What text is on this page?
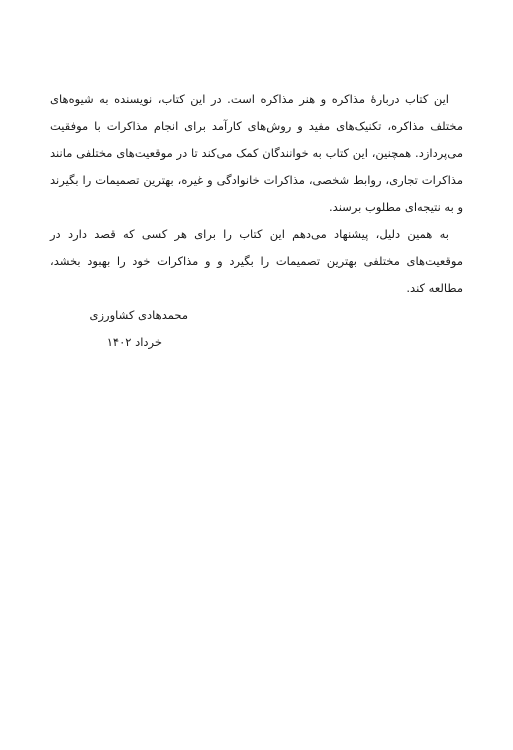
این کتاب دربارهٔ مذاکره و هنر مذاکره است. در این کتاب، نویسنده به شیوه‌های مختلف مذاکره، تکنیک‌های مفید و روش‌های کارآمد برای انجام مذاکرات با موفقیت می‌پردازد. همچنین، این کتاب به خوانندگان کمک می‌کند تا در موقعیت‌های مختلفی مانند مذاکرات تجاری، روابط شخصی، مذاکرات خانوادگی و غیره، بهترین تصمیمات را بگیرند و به نتیجه‌ای مطلوب برسند.

به همین دلیل، پیشنهاد می‌دهم این کتاب را برای هر کسی که قصد دارد در موقعیت‌های مختلفی بهترین تصمیمات را بگیرد و و مذاکرات خود را بهبود بخشد، مطالعه کند.

محمدهادی کشاورزی
خرداد ۱۴۰۲
